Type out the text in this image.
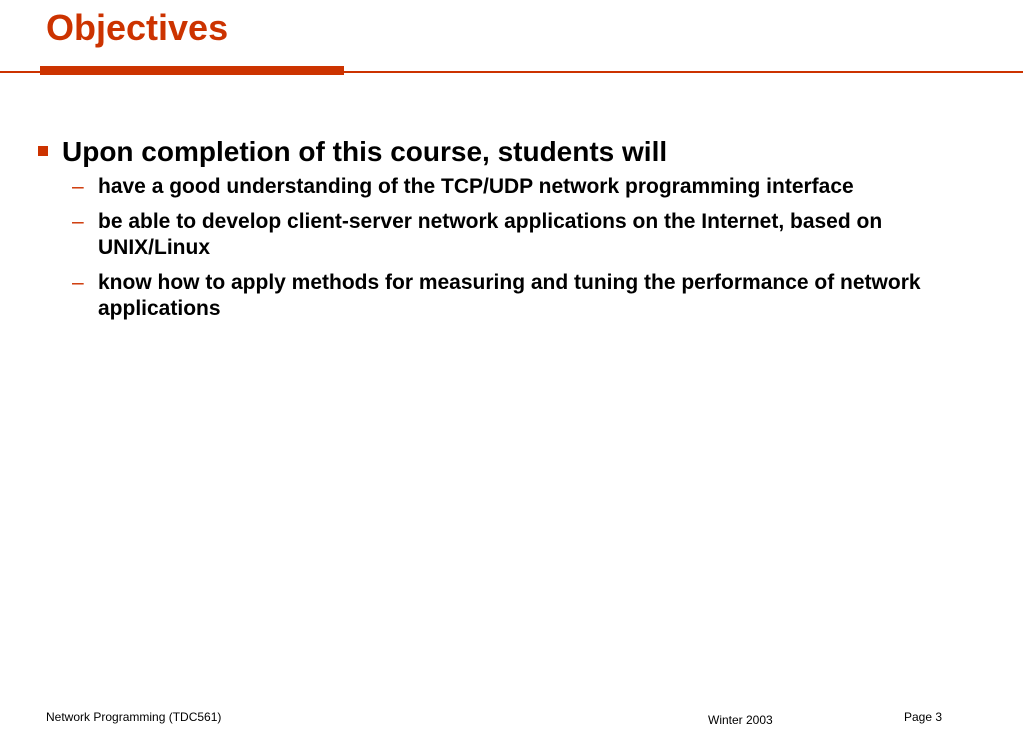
Objectives
Upon completion of this course, students will
– have a good understanding of the TCP/UDP network programming interface
– be able to develop client-server network applications on the Internet, based on UNIX/Linux
– know how to apply methods for measuring and tuning the performance of network applications
Network Programming (TDC561)	Winter 2003	Page 3
